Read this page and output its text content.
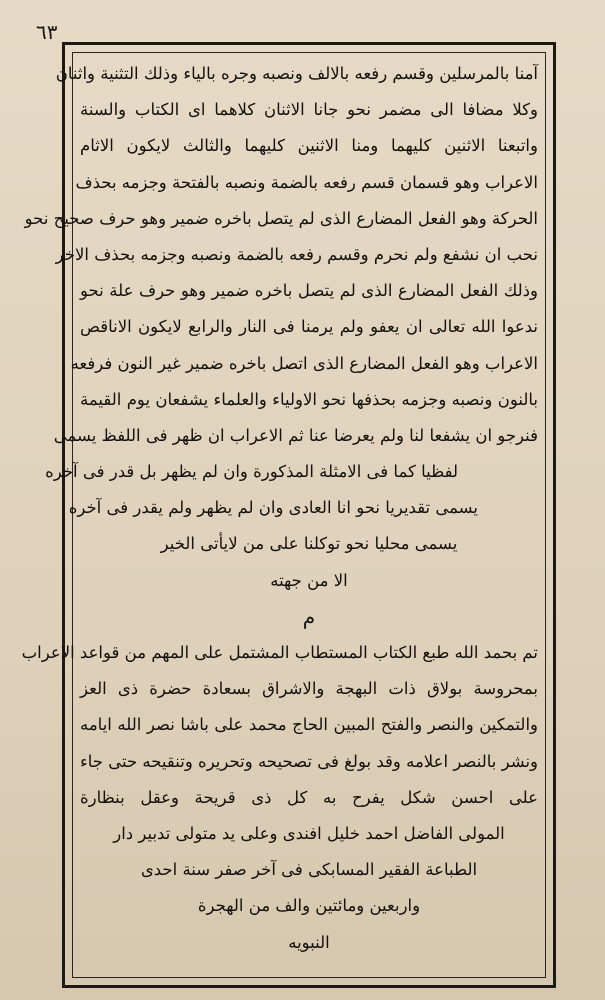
٦٣
آمنا بالمرسلين وقسم رفعه بالالف ونصبه وجره بالياء وذلك التثنية واثنان
وكلا مضافا الى مضمر نحو جانا الاثنان كلاهما اى الكتاب والسنة
واتبعنا الاثنين كليهما ومنا الاثنين كليهما والثالث لايكون الاثام
الاعراب وهو قسمان قسم رفعه بالضمة ونصبه بالفتحة وجزمه بحذف
الحركة وهو الفعل المضارع الذى لم يتصل باخره ضمير وهو حرف صحيح نحو
نحب ان نشفع ولم نحرم وقسم رفعه بالضمة ونصبه وجزمه بحذف الاخر
وذلك الفعل المضارع الذى لم يتصل باخره ضمير وهو حرف علة نحو
ندعوا الله تعالى ان يعفو ولم يرمنا فى النار والرابع لايكون الاناقص
الاعراب وهو الفعل المضارع الذى اتصل باخره ضمير غير النون فرفعه
بالنون ونصبه وجزمه بحذفها نحو الاولياء والعلماء يشفعان يوم القيمة
فنرجو ان يشفعا لنا ولم يعرضا عنا ثم الاعراب ان ظهر فى اللفظ يسمى
لفظيا كما فى الامثلة المذكورة وان لم يظهر بل قدر فى آخره
يسمى تقديريا نحو انا العادى وان لم يظهر ولم يقدر فى آخره
يسمى محليا نحو توكلنا على من لايأتى الخير
الا من جهته
م
تم بحمد الله طبع الكتاب المستطاب المشتمل على المهم من قواعد الاعراب
بمحروسة بولاق ذات البهجة والاشراق بسعادة حضرة ذى العز
والتمكين والنصر والفتح المبين الحاج محمد على باشا نصر الله ايامه
ونشر بالنصر اعلامه وقد بولغ فى تصحيحه وتحريره وتنقيحه حتى جاء
على احسن شكل يفرح به كل ذى قريحة وعقل بنظارة
المولى الفاضل احمد خليل افندى وعلى يد متولى تدبير دار
الطباعة الفقير المسابكى فى آخر صفر سنة احدى
واربعين ومائتين والف من الهجرة
النبويه
